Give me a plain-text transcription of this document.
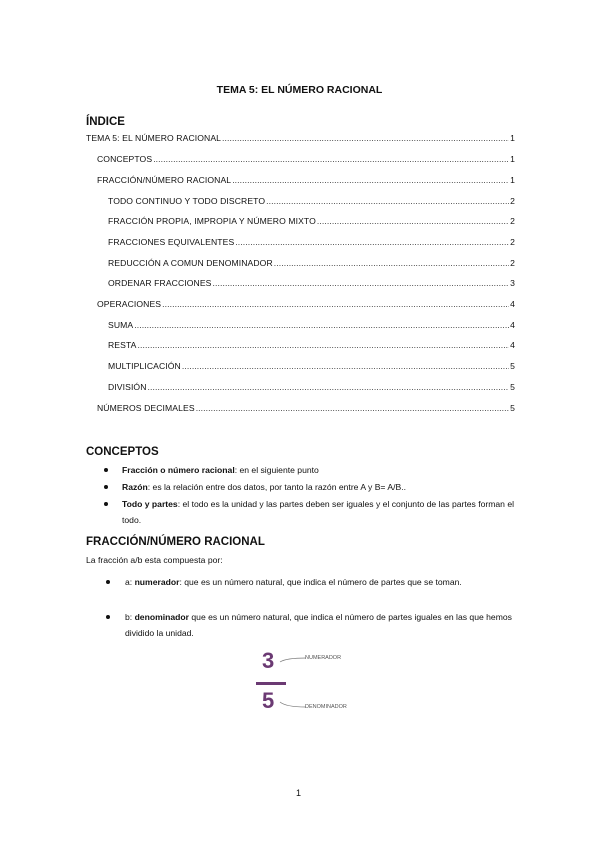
TEMA 5: EL NÚMERO RACIONAL
ÍNDICE
TEMA 5: EL NÚMERO RACIONAL .....	1
CONCEPTOS .....	1
FRACCIÓN/NÚMERO RACIONAL .....	1
TODO CONTINUO Y TODO DISCRETO .....	2
FRACCIÓN PROPIA, IMPROPIA Y NÚMERO MIXTO .....	2
FRACCIONES EQUIVALENTES .....	2
REDUCCIÓN A COMUN DENOMINADOR .....	2
ORDENAR FRACCIONES .....	3
OPERACIONES .....	4
SUMA .....	4
RESTA .....	4
MULTIPLICACIÓN .....	5
DIVISIÓN .....	5
NÚMEROS DECIMALES .....	5
CONCEPTOS
Fracción o número racional: en el siguiente punto
Razón: es la relación entre dos datos, por tanto la razón entre A y B= A/B..
Todo y partes: el todo es la unidad y las partes deben ser iguales y el conjunto de las partes forman el todo.
FRACCIÓN/NÚMERO RACIONAL
La fracción a/b esta compuesta por:
a: numerador: que es un número natural, que indica el número de partes que se toman.
b: denominador que es un número natural, que indica el número de partes iguales en las que hemos dividido la unidad.
3
5
NUMERADOR
DENOMINADOR
1
